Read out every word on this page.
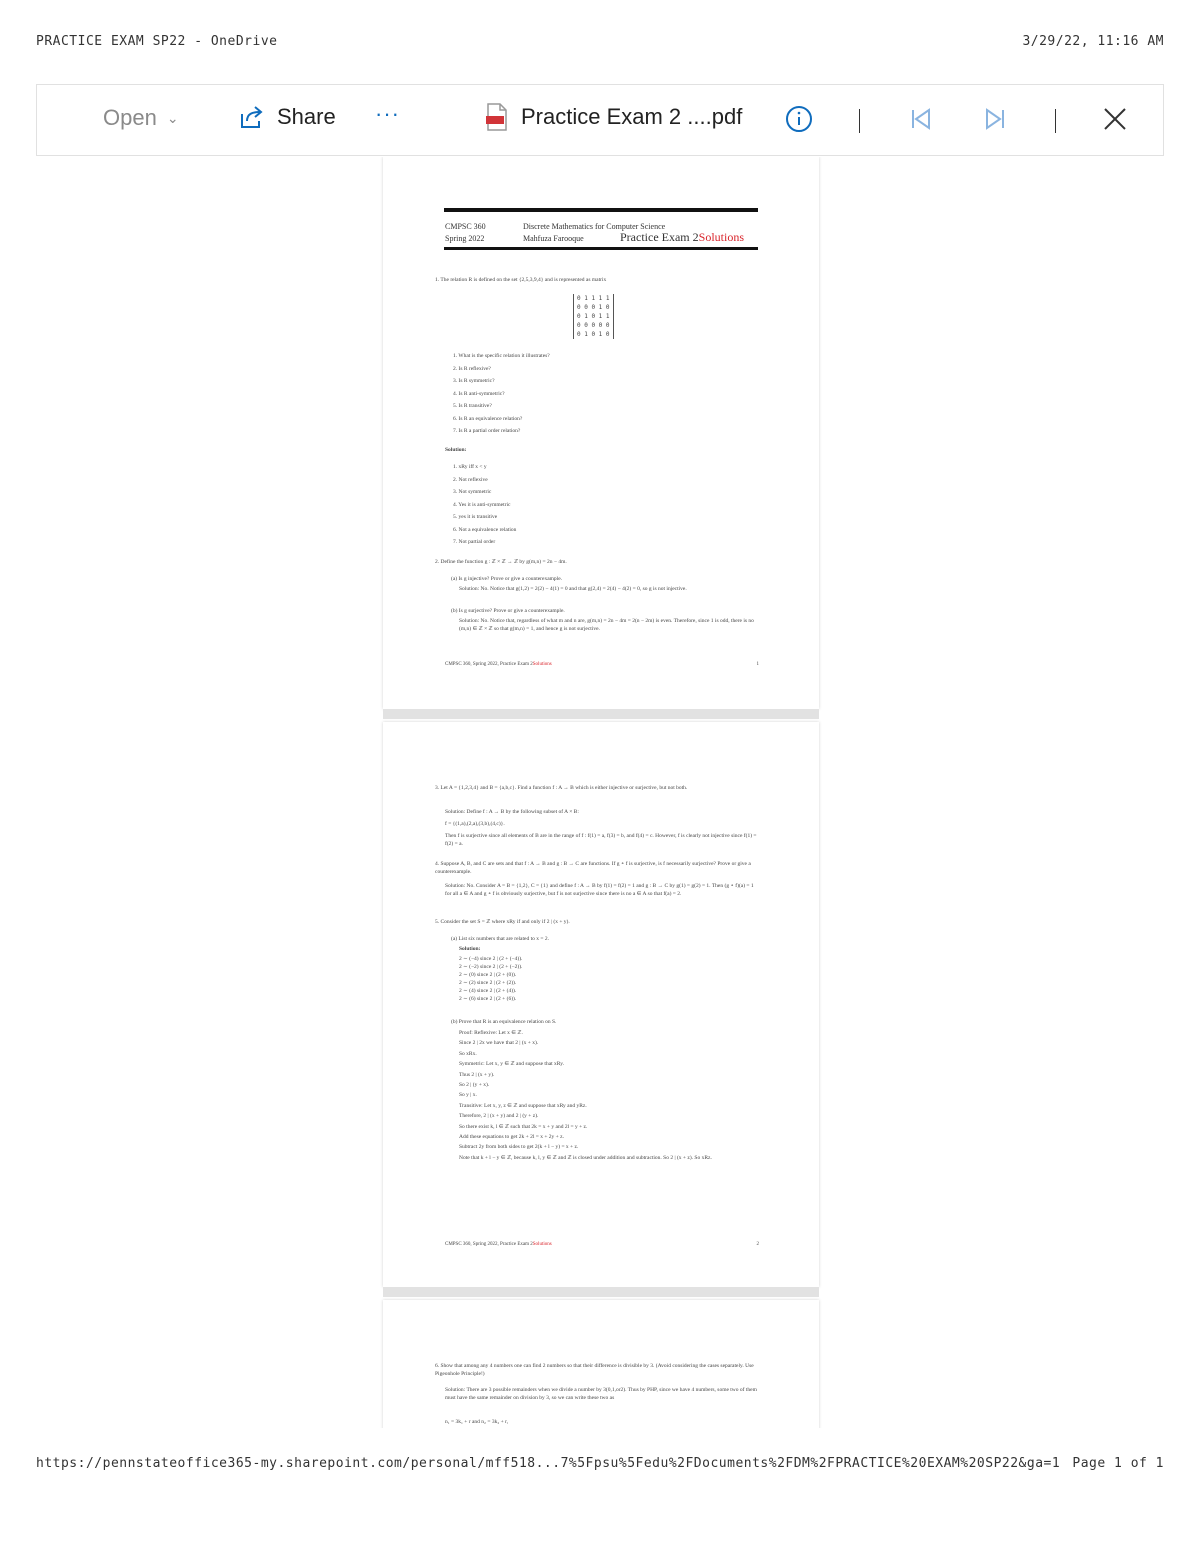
PRACTICE EXAM SP22 - OneDrive	3/29/22, 11:16 AM
Open ⌄	Share ···	Practice Exam 2 ....pdf
CMPSC 360
Spring 2022
Discrete Mathematics for Computer Science
Mahfuza Farooque	Practice Exam 2Solutions
1. The relation R is defined on the set {2,5,3,9,4} and is represented as matrix
0 1 1 1 1
0 0 0 1 0
0 1 0 1 1
0 0 0 0 0
0 1 0 1 0
1. What is the specific relation it illustrates?
2. Is R reflexive?
3. Is R symmetric?
4. Is R anti-symmetric?
5. Is R transitive?
6. Is R an equivalence relation?
7. Is R a partial order relation?
Solution:
1. xRy iff x < y
2. Not reflexive
3. Not symmetric
4. Yes it is anti-symmetric
5. yes it is transitive
6. Not a equivalence relation
7. Not partial order
2. Define the function g : ℤ × ℤ → ℤ by g(m,n) = 2n − 4m.
(a) Is g injective? Prove or give a counterexample.
Solution: No. Notice that g(1,2) = 2(2) − 4(1) = 0 and that g(2,4) = 2(4) − 4(2) = 0, so g is not injective.
(b) Is g surjective? Prove or give a counterexample.
Solution: No. Notice that, regardless of what m and n are, g(m,n) = 2n − 4m = 2(n − 2m) is even. Therefore, since 1 is odd, there is no (m,n) ∈ ℤ × ℤ so that g(m,n) = 1, and hence g is not surjective.
CMPSC 360, Spring 2022, Practice Exam 2Solutions	1
3. Let A = {1,2,3,4} and B = {a,b,c}. Find a function f : A → B which is either injective or surjective, but not both.
Solution: Define f : A → B by the following subset of A × B:
f = {(1,a),(2,a),(3,b),(4,c)}.
Then f is surjective since all elements of B are in the range of f : f(1) = a, f(3) = b, and f(4) = c. However, f is clearly not injective since f(1) = f(2) = a.
4. Suppose A, B, and C are sets and that f : A → B and g : B → C are functions. If g ∘ f is surjective, is f necessarily surjective? Prove or give a counterexample.
Solution: No. Consider A = B = {1,2}, C = {1} and define f : A → B by f(1) = f(2) = 1 and g : B → C by g(1) = g(2) = 1. Then (g ∘ f)(a) = 1 for all a ∈ A and g ∘ f is obviously surjective, but f is not surjective since there is no a ∈ A so that f(a) = 2.
5. Consider the set S = ℤ where xRy if and only if 2 | (x + y).
(a) List six numbers that are related to x = 2.
Solution:
2 ∼ (−4) since 2 | (2 + (−4)).
2 ∼ (−2) since 2 | (2 + (−2)).
2 ∼ (0) since 2 | (2 + (0)).
2 ∼ (2) since 2 | (2 + (2)).
2 ∼ (4) since 2 | (2 + (4)).
2 ∼ (6) since 2 | (2 + (6)).
(b) Prove that R is an equivalence relation on S.
Proof: Reflexive: Let x ∈ ℤ.
Since 2 | 2x we have that 2 | (x + x).
So xRx.
Symmetric: Let x, y ∈ ℤ and suppose that xRy.
Thus 2 | (x + y).
So 2 | (y + x).
So y | x.
Transitive: Let x, y, z ∈ ℤ and suppose that xRy and yRz.
Therefore, 2 | (x + y) and 2 | (y + z).
So there exist k, l ∈ ℤ such that 2k = x + y and 2l = y + z.
Add these equations to get 2k + 2l = x + 2y + z.
Subtract 2y from both sides to get 2(k + l − y) = x + z.
Note that k + l − y ∈ ℤ, because k, l, y ∈ ℤ and ℤ is closed under addition and subtraction. So 2 | (x + z). So xRz.
CMPSC 360, Spring 2022, Practice Exam 2Solutions	2
6. Show that among any 4 numbers one can find 2 numbers so that their difference is divisible by 3. (Avoid considering the cases separately. Use Pigeonhole Principle!)
Solution: There are 3 possible remainders when we divide a number by 3(0,1,or2). Thus by PHP, since we have 4 numbers, some two of them must have the same remainder on division by 3, so we can write these two as
n₁ = 3k₁ + r and n₂ = 3k₂ + r,
https://pennstateoffice365-my.sharepoint.com/personal/mff518...7%5Fpsu%5Fedu%2FDocuments%2FDM%2FPRACTICE%20EXAM%20SP22&ga=1 Page 1 of 1
